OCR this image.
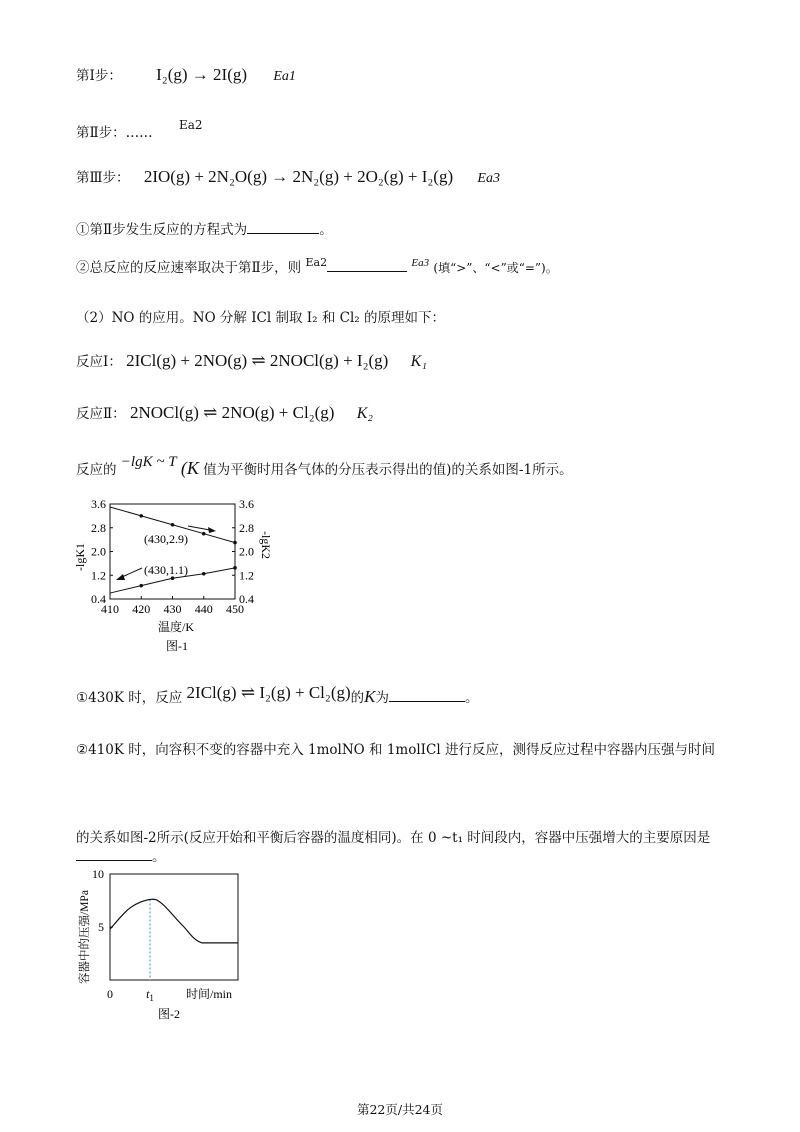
第Ⅰ步： I₂(g) → 2I(g) Ea1
第Ⅱ步：…… Ea2
第Ⅲ步： 2IO(g) + 2N₂O(g) → 2N₂(g) + 2O₂(g) + I₂(g) Ea3
①第Ⅱ步发生反应的方程式为	。
②总反应的反应速率取决于第Ⅱ步，则 $^{Ea2}$	$^{Ea3}$ (填“>”、“<”或“=”)。
（2）NO 的应用。NO 分解 ICl 制取 I₂ 和 Cl₂ 的原理如下：
反应Ⅰ： 2ICl(g) + 2NO(g) ⇌ 2NOCl(g) + I₂(g) K₁
反应Ⅱ： 2NOCl(g) ⇌ 2NO(g) + Cl₂(g) K₂
反应的 −lgK ~ T (K 值为平衡时用各气体的分压表示得出的值)的关系如图-1所示。
410 420 430 440 450
0.4	0.4
1.2	1.2
2.0	2.0
2.8	2.8
3.6	3.6
-lgK1	-lgK2
(430,2.9)
(430,1.1)
温度/K
图-1
①430K 时，反应 2ICl(g) ⇌ I₂(g) + Cl₂(g)的K为	。
②410K 时，向容积不变的容器中充入 1molNO 和 1molICl 进行反应，测得反应过程中容器内压强与时间
的关系如图-2所示(反应开始和平衡后容器的温度相同)。在 0 ~t₁ 时间段内，容器中压强增大的主要原因是
。
5
10
0	$t_1$
容器中的压强/MPa
时间/min
图-2
第22页/共24页
